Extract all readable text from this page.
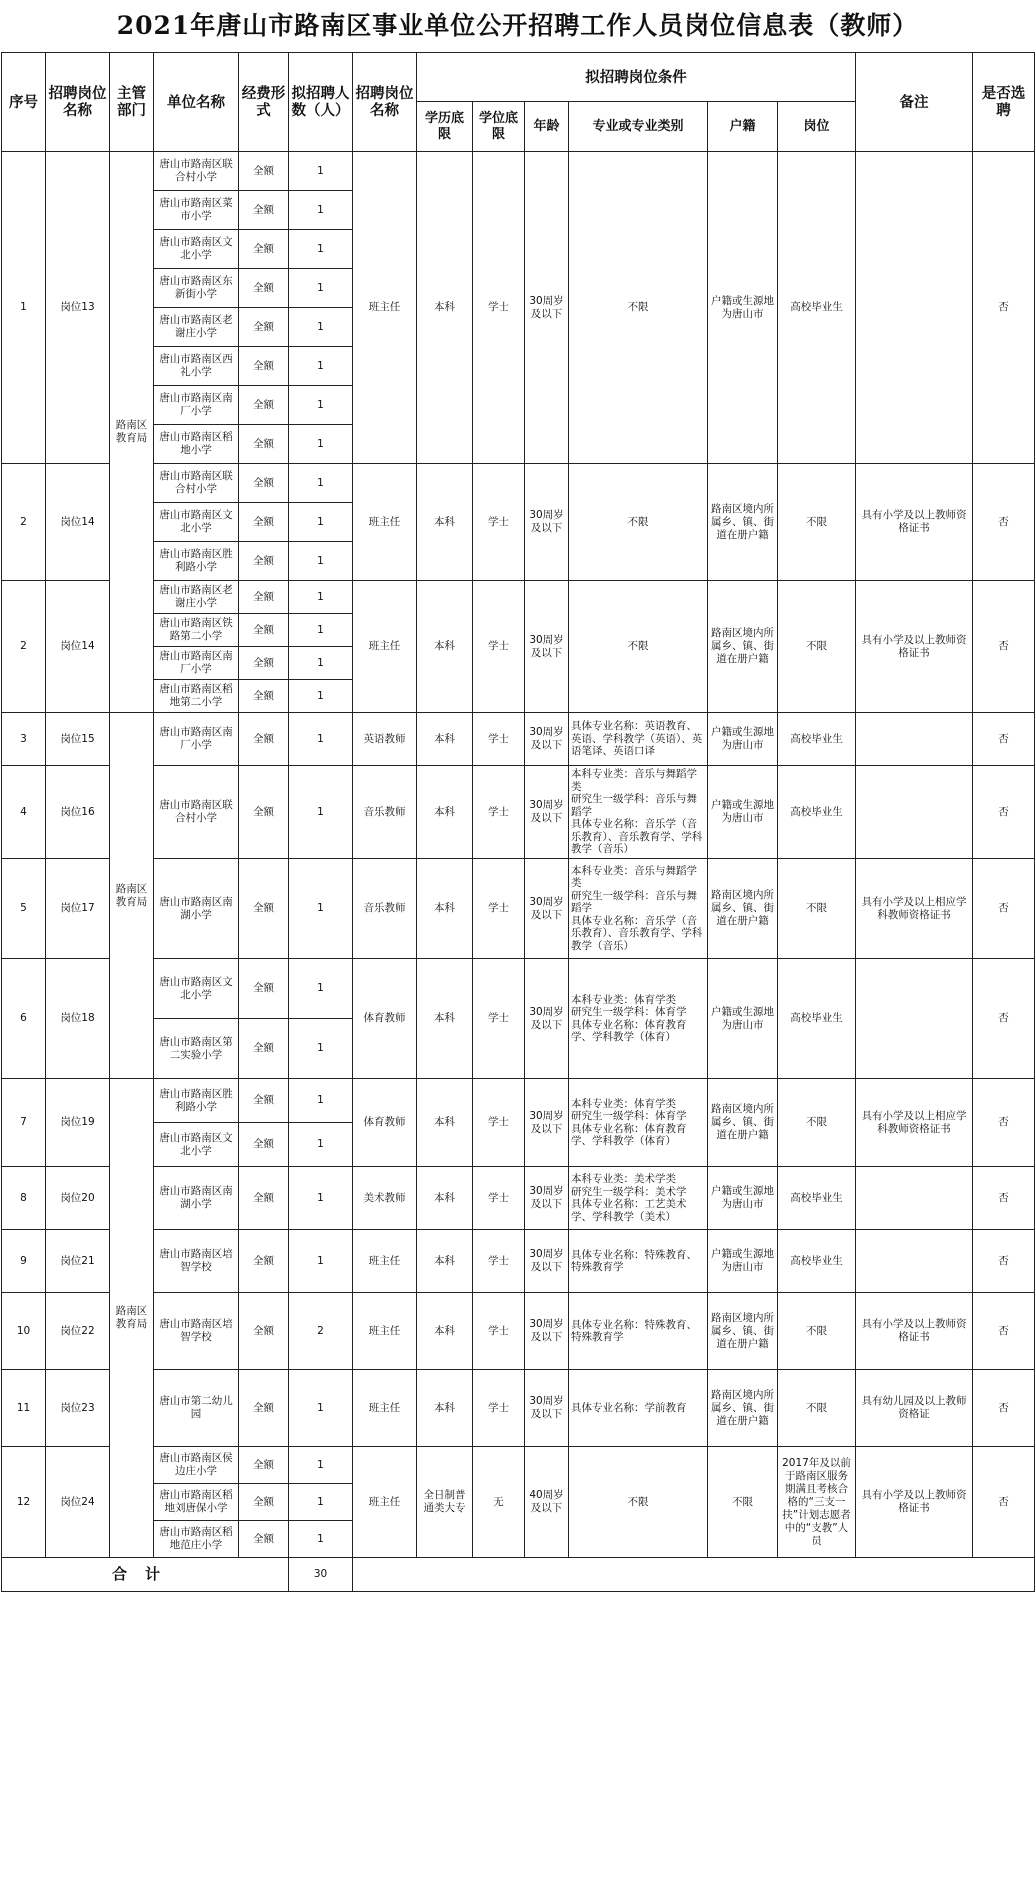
2021年唐山市路南区事业单位公开招聘工作人员岗位信息表（教师）
序号	招聘岗位名称	主管部门	单位名称	经费形式	拟招聘人数（人）	招聘岗位名称	拟招聘岗位条件						备注	是否选聘
							学历底限	学位底限	年龄	专业或专业类别	户籍	岗位		
1	岗位13	路南区教育局	唐山市路南区联合村小学	全额	1	班主任	本科	学士	30周岁及以下	不限	户籍或生源地为唐山市	高校毕业生		否
			唐山市路南区菜市小学	全额	1									
			唐山市路南区文北小学	全额	1									
			唐山市路南区东新街小学	全额	1									
			唐山市路南区老谢庄小学	全额	1									
			唐山市路南区西礼小学	全额	1									
			唐山市路南区南厂小学	全额	1									
			唐山市路南区稻地小学	全额	1									
2	岗位14		唐山市路南区联合村小学	全额	1	班主任	本科	学士	30周岁及以下	不限	路南区境内所属乡、镇、街道在册户籍	不限	具有小学及以上教师资格证书	否
			唐山市路南区文北小学	全额	1									
			唐山市路南区胜利路小学	全额	1									
2	岗位14		唐山市路南区老谢庄小学	全额	1	班主任	本科	学士	30周岁及以下	不限	路南区境内所属乡、镇、街道在册户籍	不限	具有小学及以上教师资格证书	否
			唐山市路南区铁路第二小学	全额	1									
			唐山市路南区南厂小学	全额	1									
			唐山市路南区稻地第二小学	全额	1									
3	岗位15	路南区教育局	唐山市路南区南厂小学	全额	1	英语教师	本科	学士	30周岁及以下	具体专业名称：英语教育、英语、学科教学（英语）、英语笔译、英语口译	户籍或生源地为唐山市	高校毕业生		否
4	岗位16		唐山市路南区联合村小学	全额	1	音乐教师	本科	学士	30周岁及以下	本科专业类：音乐与舞蹈学类
研究生一级学科：音乐与舞蹈学
具体专业名称：音乐学（音乐教育）、音乐教育学、学科教学（音乐）	户籍或生源地为唐山市	高校毕业生		否
5	岗位17		唐山市路南区南湖小学	全额	1	音乐教师	本科	学士	30周岁及以下	本科专业类：音乐与舞蹈学类
研究生一级学科：音乐与舞蹈学
具体专业名称：音乐学（音乐教育）、音乐教育学、学科教学（音乐）	路南区境内所属乡、镇、街道在册户籍	不限	具有小学及以上相应学科教师资格证书	否
6	岗位18		唐山市路南区文北小学	全额	1	体育教师	本科	学士	30周岁及以下	本科专业类：体育学类
研究生一级学科：体育学
具体专业名称：体育教育学、学科教学（体育）	户籍或生源地为唐山市	高校毕业生		否
			唐山市路南区第二实验小学	全额	1									
7	岗位19	路南区教育局	唐山市路南区胜利路小学	全额	1	体育教师	本科	学士	30周岁及以下	本科专业类：体育学类
研究生一级学科：体育学
具体专业名称：体育教育学、学科教学（体育）	路南区境内所属乡、镇、街道在册户籍	不限	具有小学及以上相应学科教师资格证书	否
			唐山市路南区文北小学	全额	1									
8	岗位20		唐山市路南区南湖小学	全额	1	美术教师	本科	学士	30周岁及以下	本科专业类：美术学类
研究生一级学科：美术学
具体专业名称：工艺美术学、学科教学（美术）	户籍或生源地为唐山市	高校毕业生		否
9	岗位21		唐山市路南区培智学校	全额	1	班主任	本科	学士	30周岁及以下	具体专业名称：特殊教育、特殊教育学	户籍或生源地为唐山市	高校毕业生		否
10	岗位22		唐山市路南区培智学校	全额	2	班主任	本科	学士	30周岁及以下	具体专业名称：特殊教育、特殊教育学	路南区境内所属乡、镇、街道在册户籍	不限	具有小学及以上教师资格证书	否
11	岗位23		唐山市第二幼儿园	全额	1	班主任	本科	学士	30周岁及以下	具体专业名称：学前教育	路南区境内所属乡、镇、街道在册户籍	不限	具有幼儿园及以上教师资格证	否
12	岗位24		唐山市路南区侯边庄小学	全额	1	班主任	全日制普通类大专	无	40周岁及以下	不限	不限	2017年及以前于路南区服务期满且考核合格的“三支一扶”计划志愿者中的“支教”人员	具有小学及以上教师资格证书	否
			唐山市路南区稻地刘唐保小学	全额	1									
			唐山市路南区稻地范庄小学	全额	1									
合计					30									
